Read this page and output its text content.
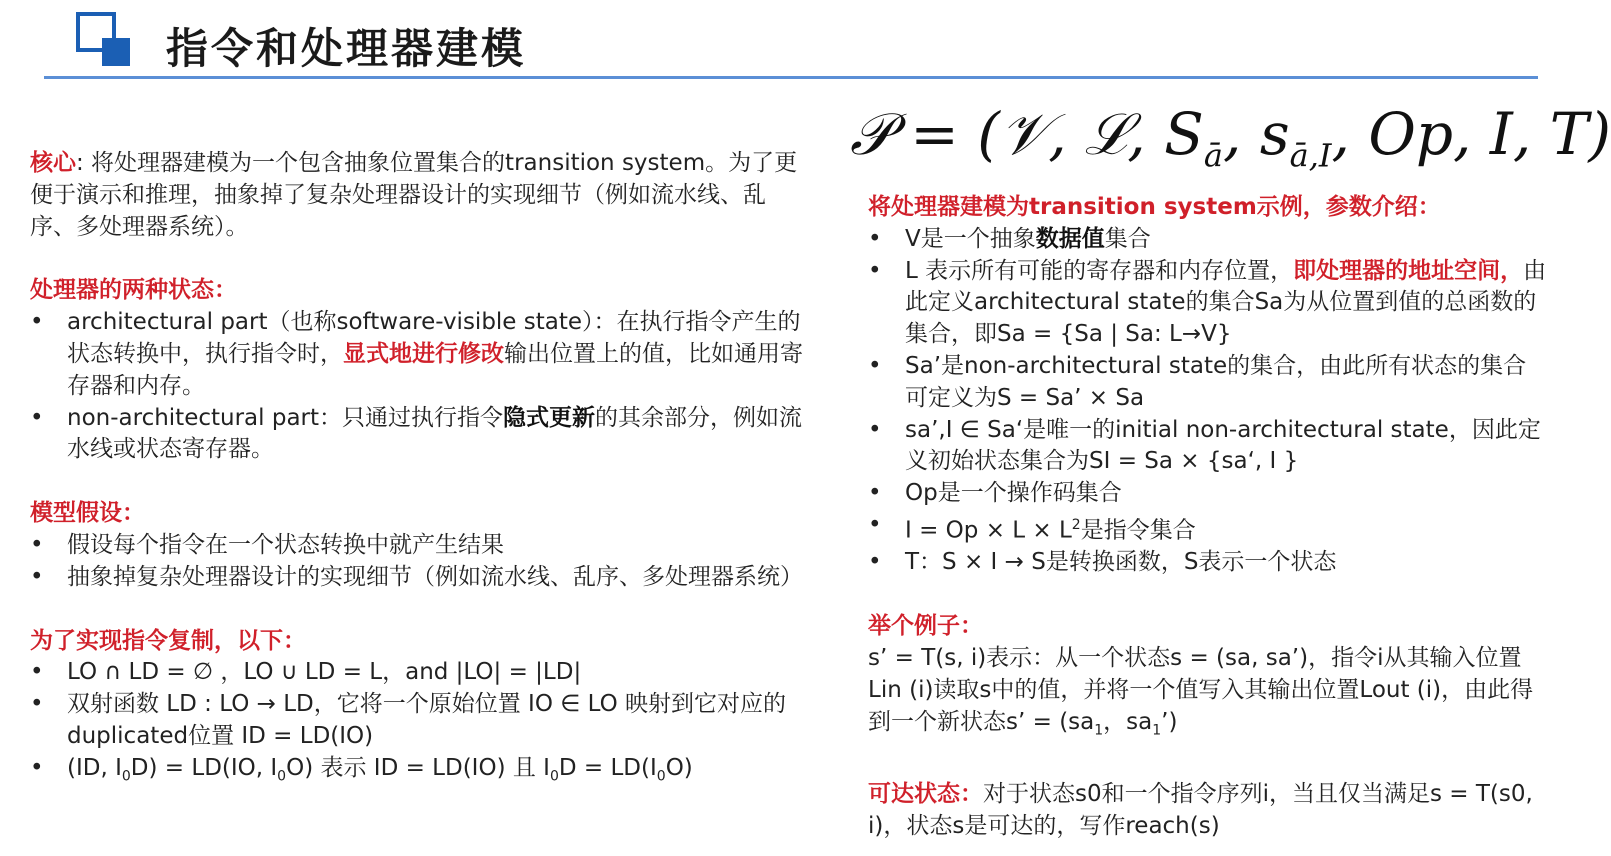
指令和处理器建模
𝒫 = (𝒱, ℒ, $S_ā$, $s_{ā,I}$, Op, I, T)

核心: 将处理器建模为一个包含抽象位置集合的transition system。为了更便于演示和推理，抽象掉了复杂处理器设计的实现细节（例如流水线、乱序、多处理器系统）。

处理器的两种状态：

• architectural part（也称software-visible state）：在执行指令产生的状态转换中，执行指令时，显式地进行修改输出位置上的值，比如通用寄存器和内存。
• non-architectural part：只通过执行指令隐式更新的其余部分，例如流水线或状态寄存器。

模型假设：

• 假设每个指令在一个状态转换中就产生结果
• 抽象掉复杂处理器设计的实现细节（例如流水线、乱序、多处理器系统）

为了实现指令复制，以下：

• LO ∩ LD = ∅ ，LO ∪ LD = L，and |LO| = |LD|
• 双射函数 LD : LO → LD，它将一个原始位置 IO ∈ LO 映射到它对应的duplicated位置 ID = LD(IO)
• (ID, $I_0D) = LD(IO$, $I_0O$) 表示 ID = LD(IO) 且 $I_0D = LD(I_0O)$

将处理器建模为transition system示例，参数介绍：

• V是一个抽象数据值集合
• L 表示所有可能的寄存器和内存位置，即处理器的地址空间，由此定义architectural state的集合Sa为从位置到值的总函数的集合，即Sa = {Sa | Sa: L→V}
• Sa’是non-architectural state的集合，由此所有状态的集合可定义为S = Sa’ × Sa
• sa’,I ∈ Sa‘是唯一的initial non-architectural state，因此定义初始状态集合为SI = Sa × {sa‘, I }
• Op是一个操作码集合
• $I = Op \times L \times L^2$是指令集合
• T：S × I → S是转换函数，S表示一个状态

举个例子：

s’ = T(s, i)表示：从一个状态s = (sa, sa’)，指令i从其输入位置Lin (i)读取s中的值，并将一个值写入其输出位置Lout (i)，由此得到一个新状态s’ = ($sa_1$，$sa_1$’)

可达状态：对于状态s0和一个指令序列i，当且仅当满足s = T(s0, i)，状态s是可达的，写作reach(s)
